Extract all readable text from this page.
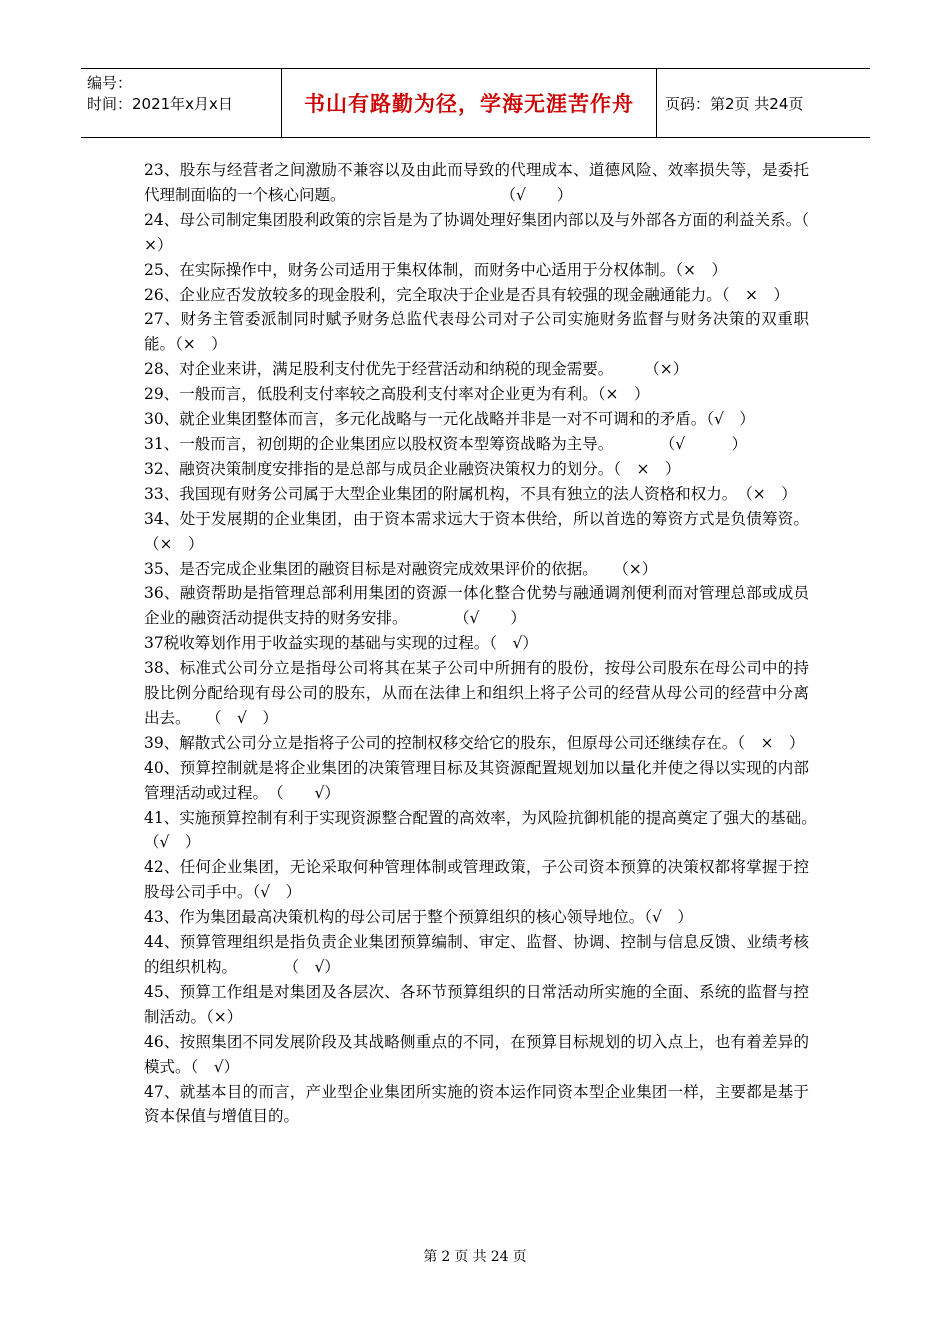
编号：
时间：2021年x月x日	书山有路勤为径，学海无涯苦作舟	页码：第2页 共24页

23、股东与经营者之间激励不兼容以及由此而导致的代理成本、道德风险、效率损失等，是委托代理制面临的一个核心问题。　　　　　　　　　　　（√　　）

24、母公司制定集团股利政策的宗旨是为了协调处理好集团内部以及与外部各方面的利益关系。（　　　×）

25、在实际操作中，财务公司适用于集权体制，而财务中心适用于分权体制。（×　）

26、企业应否发放较多的现金股利，完全取决于企业是否具有较强的现金融通能力。（　×　）

27、财务主管委派制同时赋予财务总监代表母公司对子公司实施财务监督与财务决策的双重职能。（×　）

28、对企业来讲，满足股利支付优先于经营活动和纳税的现金需要。　　　（×）

29、一般而言，低股利支付率较之高股利支付率对企业更为有利。（×　）

30、就企业集团整体而言，多元化战略与一元化战略并非是一对不可调和的矛盾。（√　）

31、一般而言，初创期的企业集团应以股权资本型筹资战略为主导。　　　　（√　　　）

32、融资决策制度安排指的是总部与成员企业融资决策权力的划分。（　×　）

33、我国现有财务公司属于大型企业集团的附属机构，不具有独立的法人资格和权力。　（×　）

34、处于发展期的企业集团，由于资本需求远大于资本供给，所以首选的筹资方式是负债筹资。（×　）

35、是否完成企业集团的融资目标是对融资完成效果评价的依据。　　（×）

36、融资帮助是指管理总部利用集团的资源一体化整合优势与融通调剂便利而对管理总部或成员企业的融资活动提供支持的财务安排。　　　　（√　　）

37税收筹划作用于收益实现的基础与实现的过程。（　√）

38、标准式公司分立是指母公司将其在某子公司中所拥有的股份，按母公司股东在母公司中的持股比例分配给现有母公司的股东，从而在法律上和组织上将子公司的经营从母公司的经营中分离出去。　　（　√　）

39、解散式公司分立是指将子公司的控制权移交给它的股东，但原母公司还继续存在。（　×　）

40、预算控制就是将企业集团的决策管理目标及其资源配置规划加以量化并使之得以实现的内部管理活动或过程。　（　　√）

41、实施预算控制有利于实现资源整合配置的高效率，为风险抗御机能的提高奠定了强大的基础。　（√　）

42、任何企业集团，无论采取何种管理体制或管理政策，子公司资本预算的决策权都将掌握于控股母公司手中。（√　）

43、作为集团最高决策机构的母公司居于整个预算组织的核心领导地位。（√　）

44、预算管理组织是指负责企业集团预算编制、审定、监督、协调、控制与信息反馈、业绩考核的组织机构。　　　　（　√）

45、预算工作组是对集团及各层次、各环节预算组织的日常活动所实施的全面、系统的监督与控制活动。（×）

46、按照集团不同发展阶段及其战略侧重点的不同，在预算目标规划的切入点上，也有着差异的模式。（　√）

47、就基本目的而言，产业型企业集团所实施的资本运作同资本型企业集团一样，主要都是基于资本保值与增值目的。

第 2 页 共 24 页
